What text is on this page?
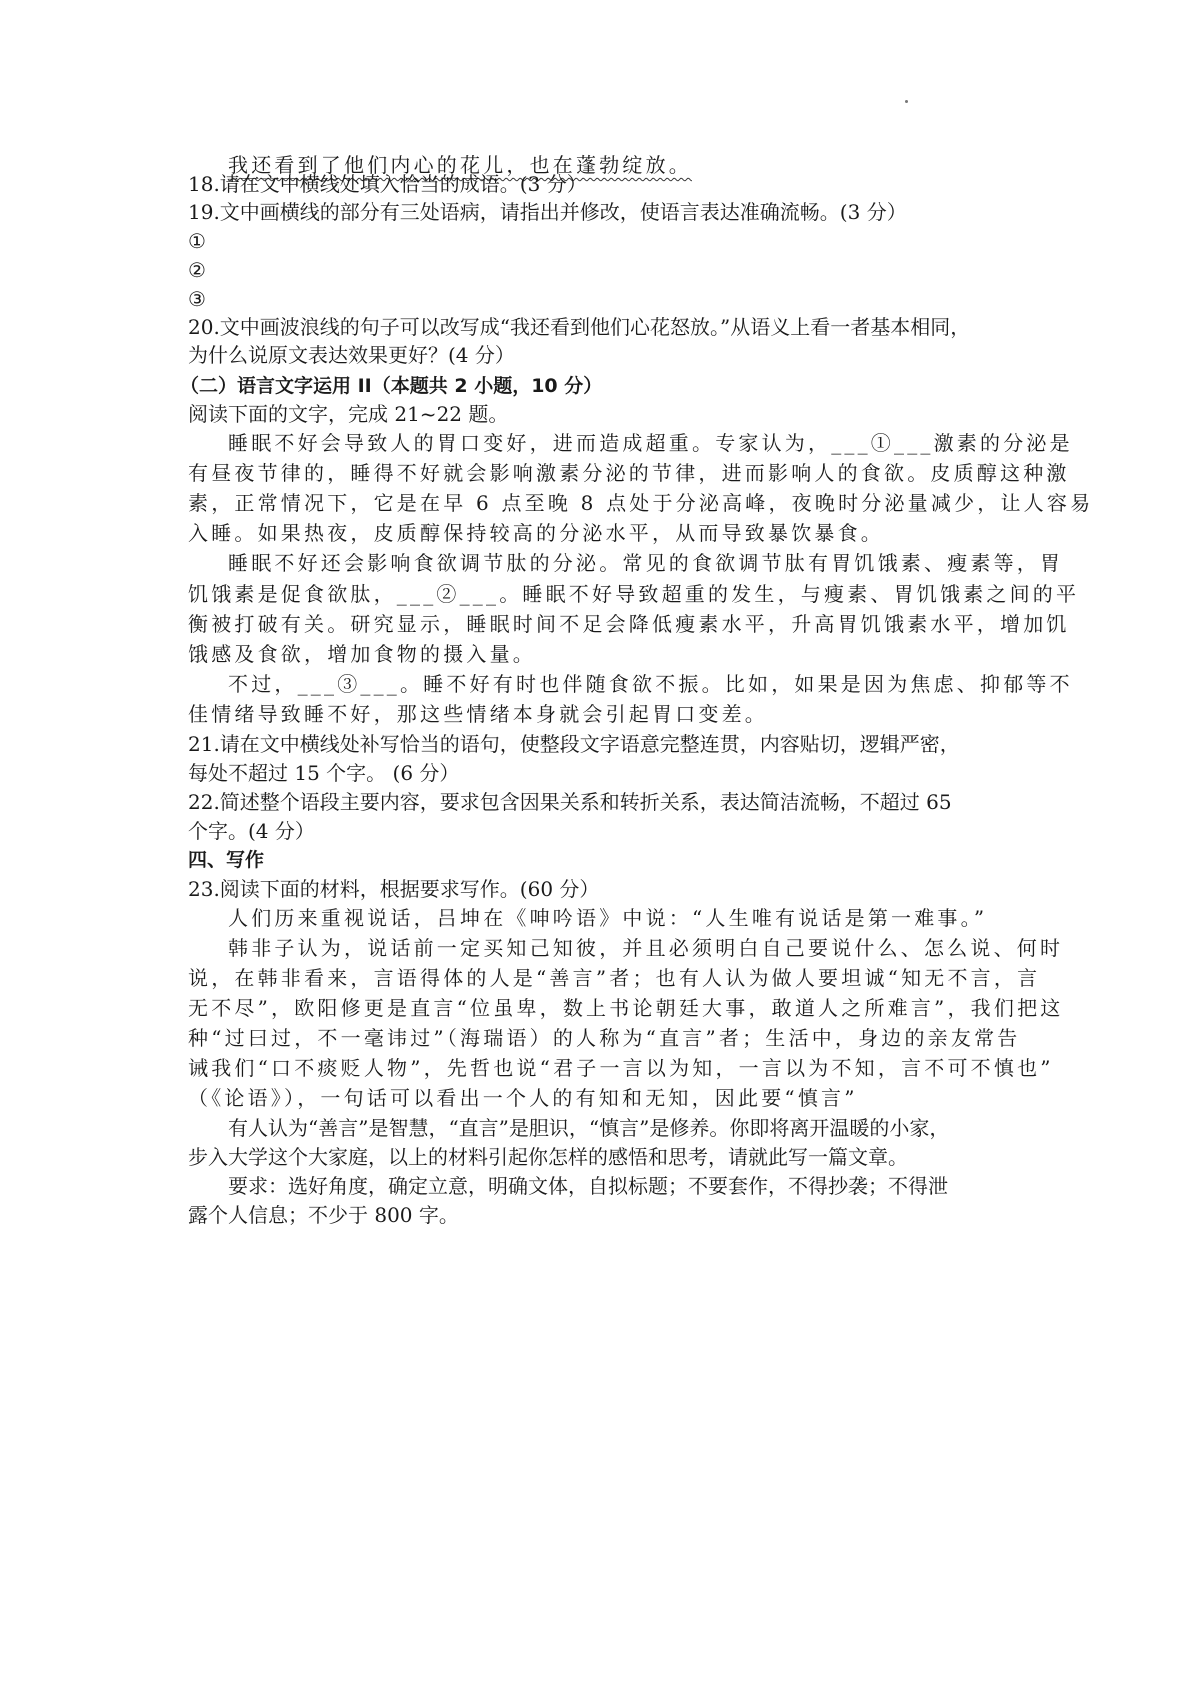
我还看到了他们内心的花儿，也在蓬勃绽放。
18.请在文中横线处填入恰当的成语。(3 分）
19.文中画横线的部分有三处语病，请指出并修改，使语言表达准确流畅。(3 分）
①
②
③
20.文中画波浪线的句子可以改写成“我还看到他们心花怒放。”从语义上看一者基本相同，
为什么说原文表达效果更好？(4 分）
（二）语言文字运用 II（本题共 2 小题，10 分）
阅读下面的文字，完成 21~22 题。
睡眠不好会导致人的胃口变好，进而造成超重。专家认为，___①___激素的分泌是
有昼夜节律的，睡得不好就会影响激素分泌的节律，进而影响人的食欲。皮质醇这种激
素，正常情况下，它是在早 6 点至晚 8 点处于分泌高峰，夜晚时分泌量减少，让人容易
入睡。如果热夜，皮质醇保持较高的分泌水平，从而导致暴饮暴食。
睡眠不好还会影响食欲调节肽的分泌。常见的食欲调节肽有胃饥饿素、瘦素等，胃
饥饿素是促食欲肽，___②___。睡眠不好导致超重的发生，与瘦素、胃饥饿素之间的平
衡被打破有关。研究显示，睡眠时间不足会降低瘦素水平，升高胃饥饿素水平，增加饥
饿感及食欲，增加食物的摄入量。
不过，___③___。睡不好有时也伴随食欲不振。比如，如果是因为焦虑、抑郁等不
佳情绪导致睡不好，那这些情绪本身就会引起胃口变差。
21.请在文中横线处补写恰当的语句，使整段文字语意完整连贯，内容贴切，逻辑严密，
每处不超过 15 个字。 (6 分）
22.简述整个语段主要内容，要求包含因果关系和转折关系，表达简洁流畅，不超过 65
个字。(4 分）
四、写作
23.阅读下面的材料，根据要求写作。(60 分）
人们历来重视说话，吕坤在《呻吟语》中说：“人生唯有说话是第一难事。”
韩非子认为，说话前一定买知己知彼，并且必须明白自己要说什么、怎么说、何时
说，在韩非看来，言语得体的人是“善言”者；也有人认为做人要坦诚“知无不言，言
无不尽”，欧阳修更是直言“位虽卑，数上书论朝廷大事，敢道人之所难言”，我们把这
种“过曰过，不一毫讳过”（海瑞语）的人称为“直言”者；生活中，身边的亲友常告
诫我们“口不痰贬人物”，先哲也说“君子一言以为知，一言以为不知，言不可不慎也”
（《论语》），一句话可以看出一个人的有知和无知，因此要“慎言”
有人认为“善言”是智慧，“直言”是胆识，“慎言”是修养。你即将离开温暖的小家，
步入大学这个大家庭，以上的材料引起你怎样的感悟和思考，请就此写一篇文章。
要求：选好角度，确定立意，明确文体，自拟标题；不要套作，不得抄袭；不得泄
露个人信息；不少于 800 字。
